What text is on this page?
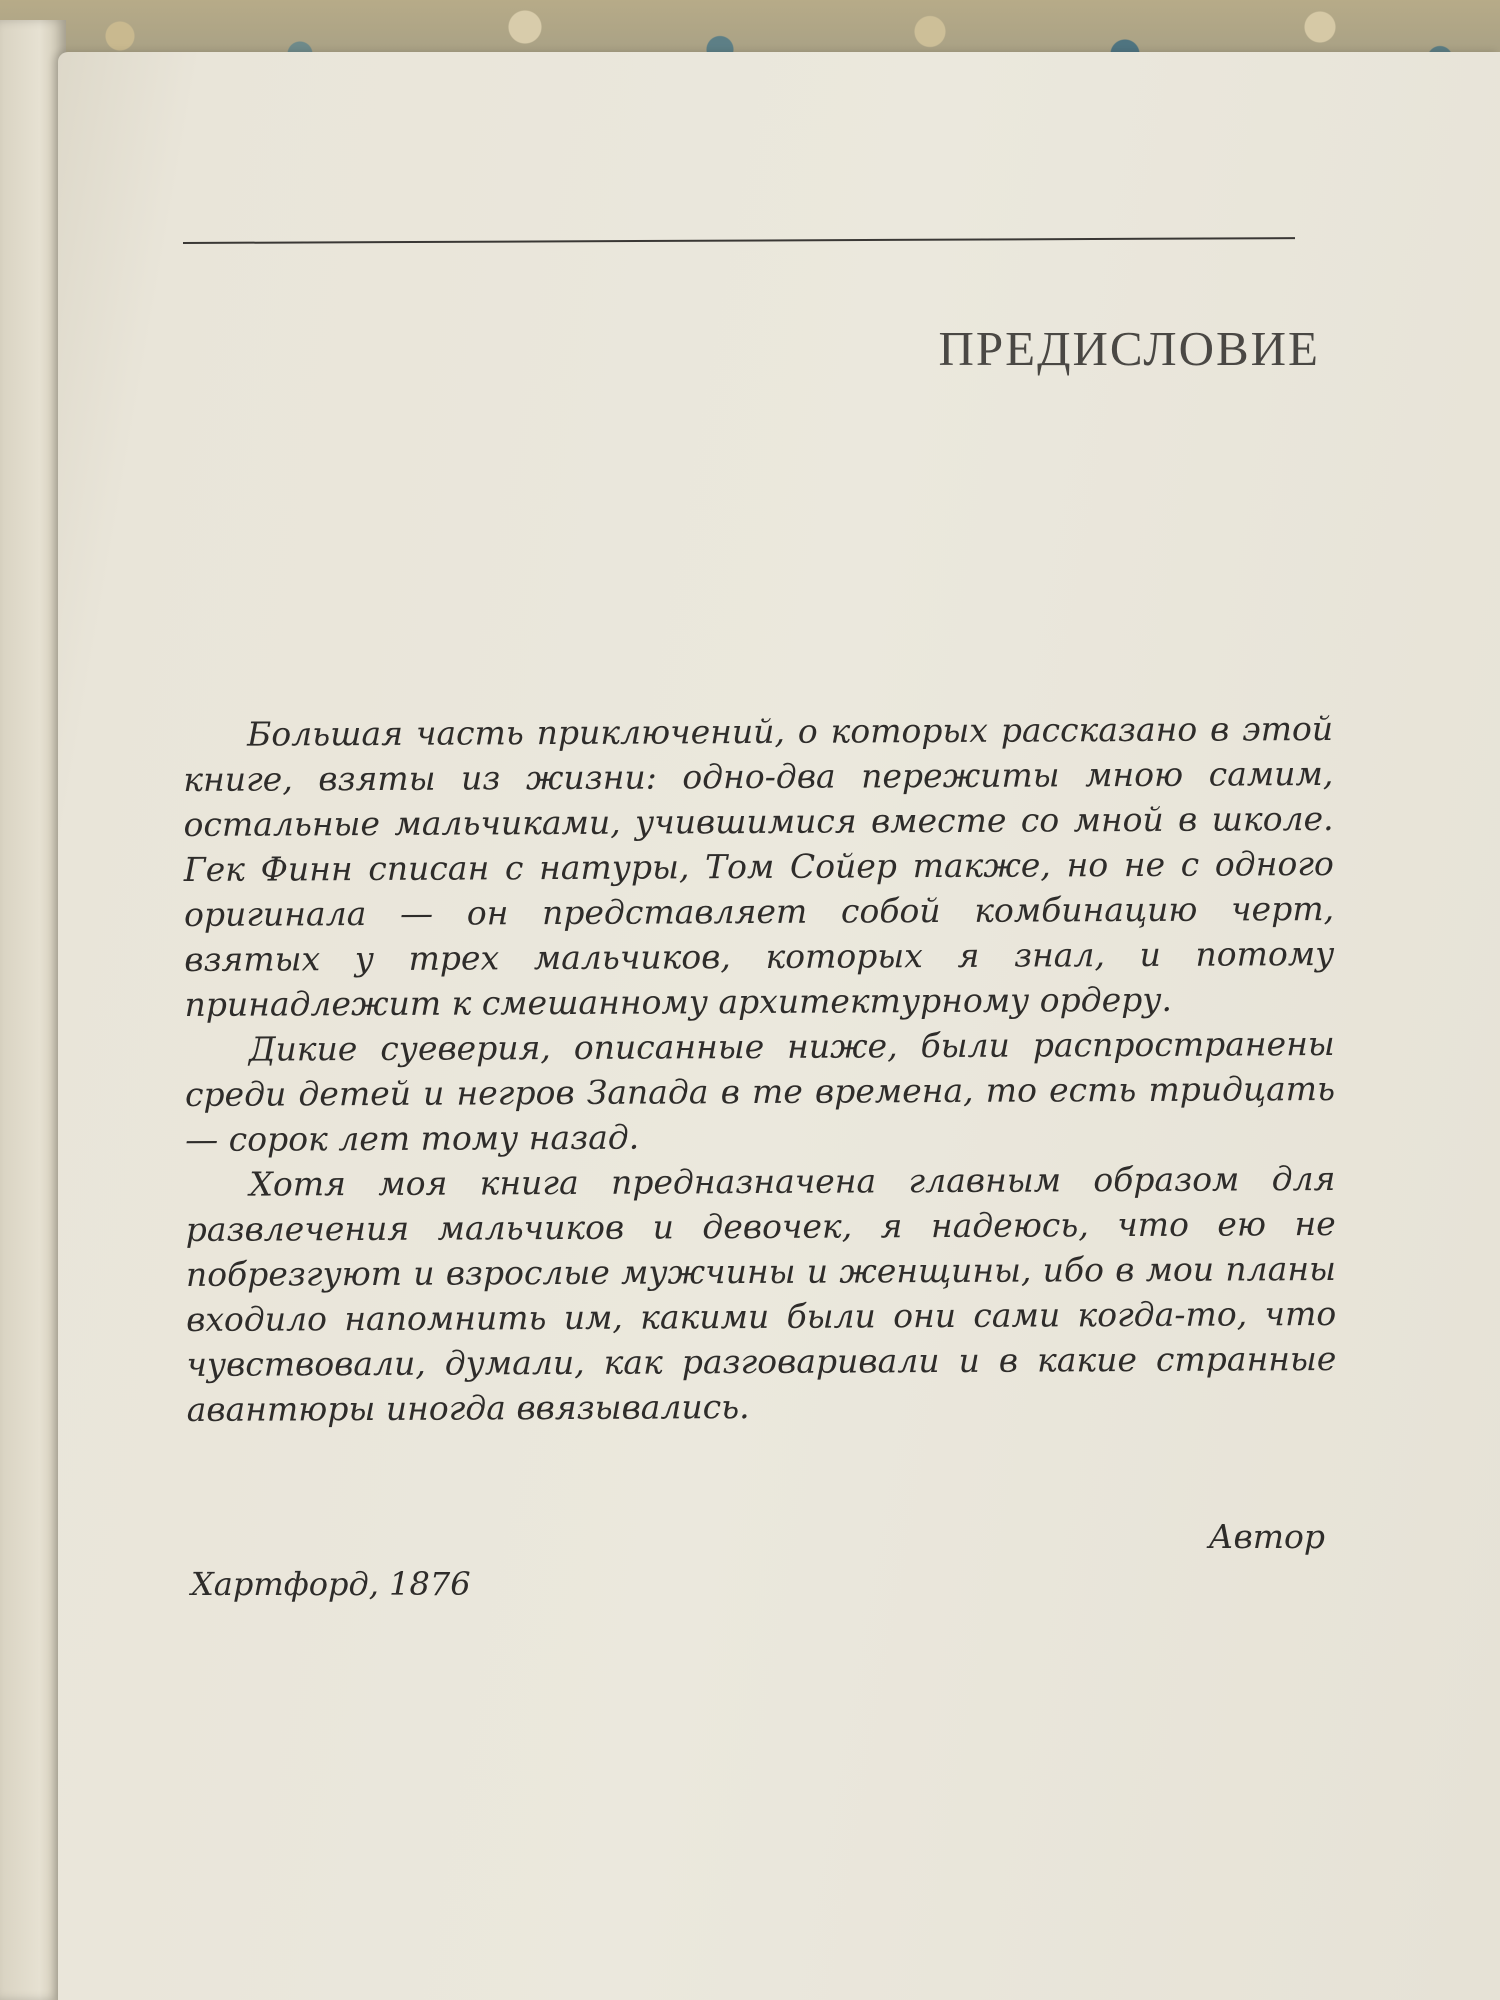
ПРЕДИСЛОВИЕ

Большая часть приключений, о которых рассказано в этой книге, взяты из жизни: одно-два пережиты мною самим, остальные мальчиками, учившимися вместе со мной в школе. Гек Финн списан с натуры, Том Сойер также, но не с одного оригинала — он представляет собой комбинацию черт, взятых у трех мальчиков, которых я знал, и потому принадлежит к смешанному архитектурному ордеру.

Дикие суеверия, описанные ниже, были распространены среди детей и негров Запада в те времена, то есть тридцать — сорок лет тому назад.

Хотя моя книга предназначена главным образом для развлечения мальчиков и девочек, я надеюсь, что ею не побрезгуют и взрослые мужчины и женщины, ибо в мои планы входило напомнить им, какими были они сами когда-то, что чувствовали, думали, как разговаривали и в какие странные авантюры иногда ввязывались.

Автор
Хартфорд, 1876
